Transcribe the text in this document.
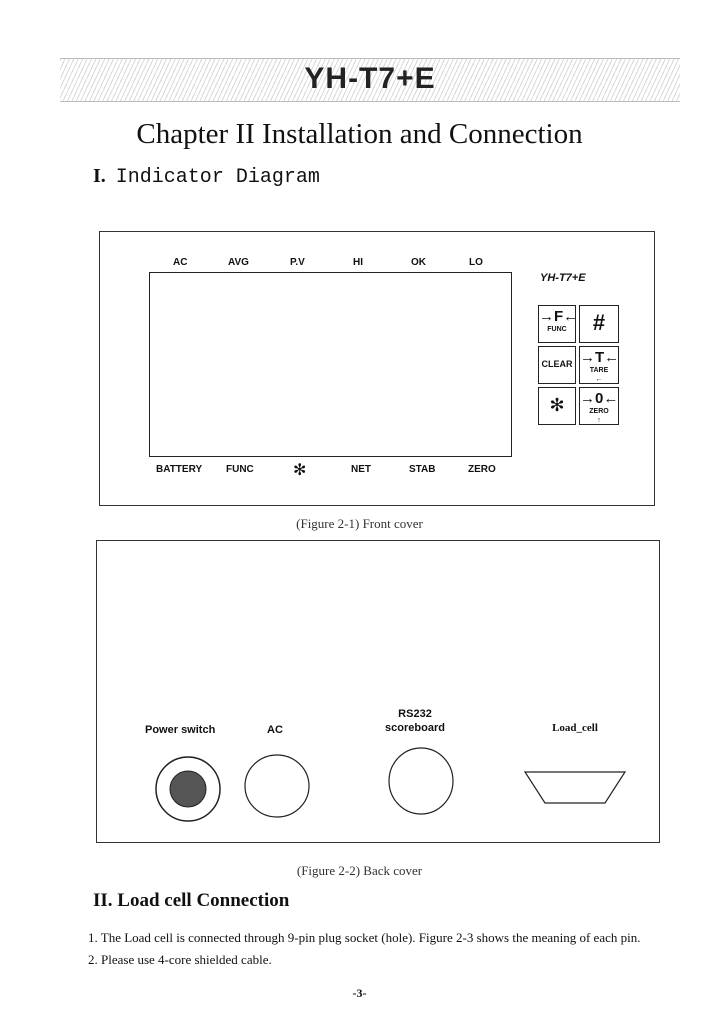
YH-T7+E
Chapter II Installation and Connection
I. Indicator Diagram
AC	AVG	P.V	HI	OK	LO
YH-T7+E
→F←
FUNC	#
CLEAR →T←
TARE
←
✻	→0←
ZERO
↑
BATTERY FUNC ✻	NET	STAB	ZERO
(Figure 2-1) Front cover
Power switch	AC
RS232
scoreboard	Load_cell
(Figure 2-2) Back cover
II. Load cell Connection
1. The Load cell is connected through 9-pin plug socket (hole). Figure 2-3 shows the meaning of each pin.
2. Please use 4-core shielded cable.
-3-
